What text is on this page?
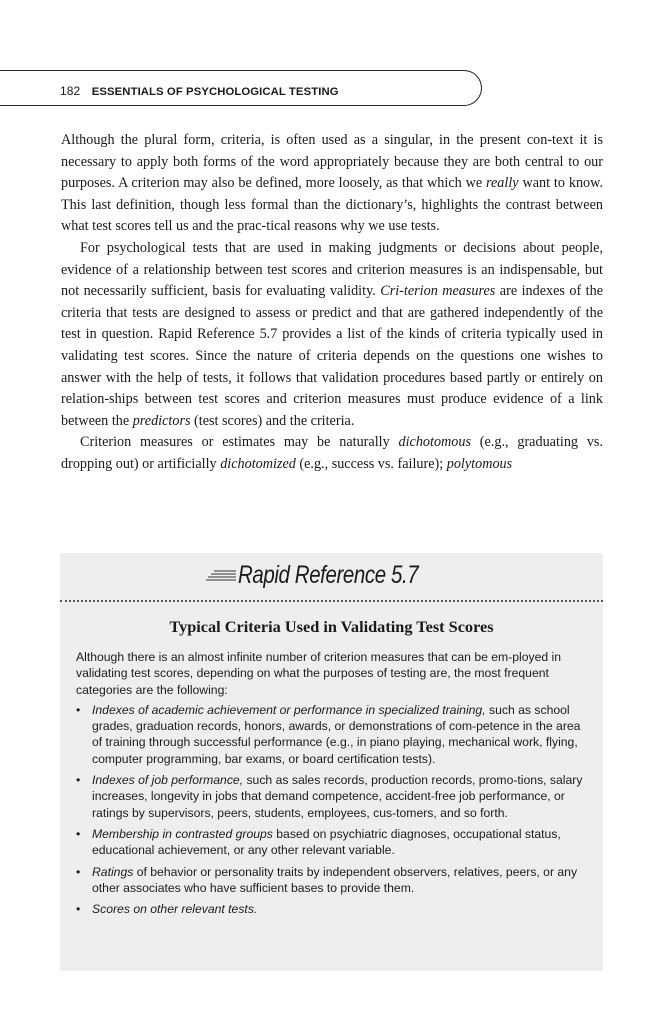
182 ESSENTIALS OF PSYCHOLOGICAL TESTING

Although the plural form, criteria, is often used as a singular, in the present con-text it is necessary to apply both forms of the word appropriately because they are both central to our purposes. A criterion may also be defined, more loosely, as that which we really want to know. This last definition, though less formal than the dictionary’s, highlights the contrast between what test scores tell us and the prac-tical reasons why we use tests.

For psychological tests that are used in making judgments or decisions about people, evidence of a relationship between test scores and criterion measures is an indispensable, but not necessarily sufficient, basis for evaluating validity. Cri-terion measures are indexes of the criteria that tests are designed to assess or predict and that are gathered independently of the test in question. Rapid Reference 5.7 provides a list of the kinds of criteria typically used in validating test scores. Since the nature of criteria depends on the questions one wishes to answer with the help of tests, it follows that validation procedures based partly or entirely on relation-ships between test scores and criterion measures must produce evidence of a link between the predictors (test scores) and the criteria.

Criterion measures or estimates may be naturally dichotomous (e.g., graduating vs. dropping out) or artificially dichotomized (e.g., success vs. failure); polytomous

Rapid Reference 5.7
Typical Criteria Used in Validating Test Scores

Although there is an almost infinite number of criterion measures that can be em-ployed in validating test scores, depending on what the purposes of testing are, the most frequent categories are the following:

• Indexes of academic achievement or performance in specialized training, such as school grades, graduation records, honors, awards, or demonstrations of com-petence in the area of training through successful performance (e.g., in piano playing, mechanical work, flying, computer programming, bar exams, or board certification tests).
• Indexes of job performance, such as sales records, production records, promo-tions, salary increases, longevity in jobs that demand competence, accident-free job performance, or ratings by supervisors, peers, students, employees, cus-tomers, and so forth.
• Membership in contrasted groups based on psychiatric diagnoses, occupational status, educational achievement, or any other relevant variable.
• Ratings of behavior or personality traits by independent observers, relatives, peers, or any other associates who have sufficient bases to provide them.
• Scores on other relevant tests.
